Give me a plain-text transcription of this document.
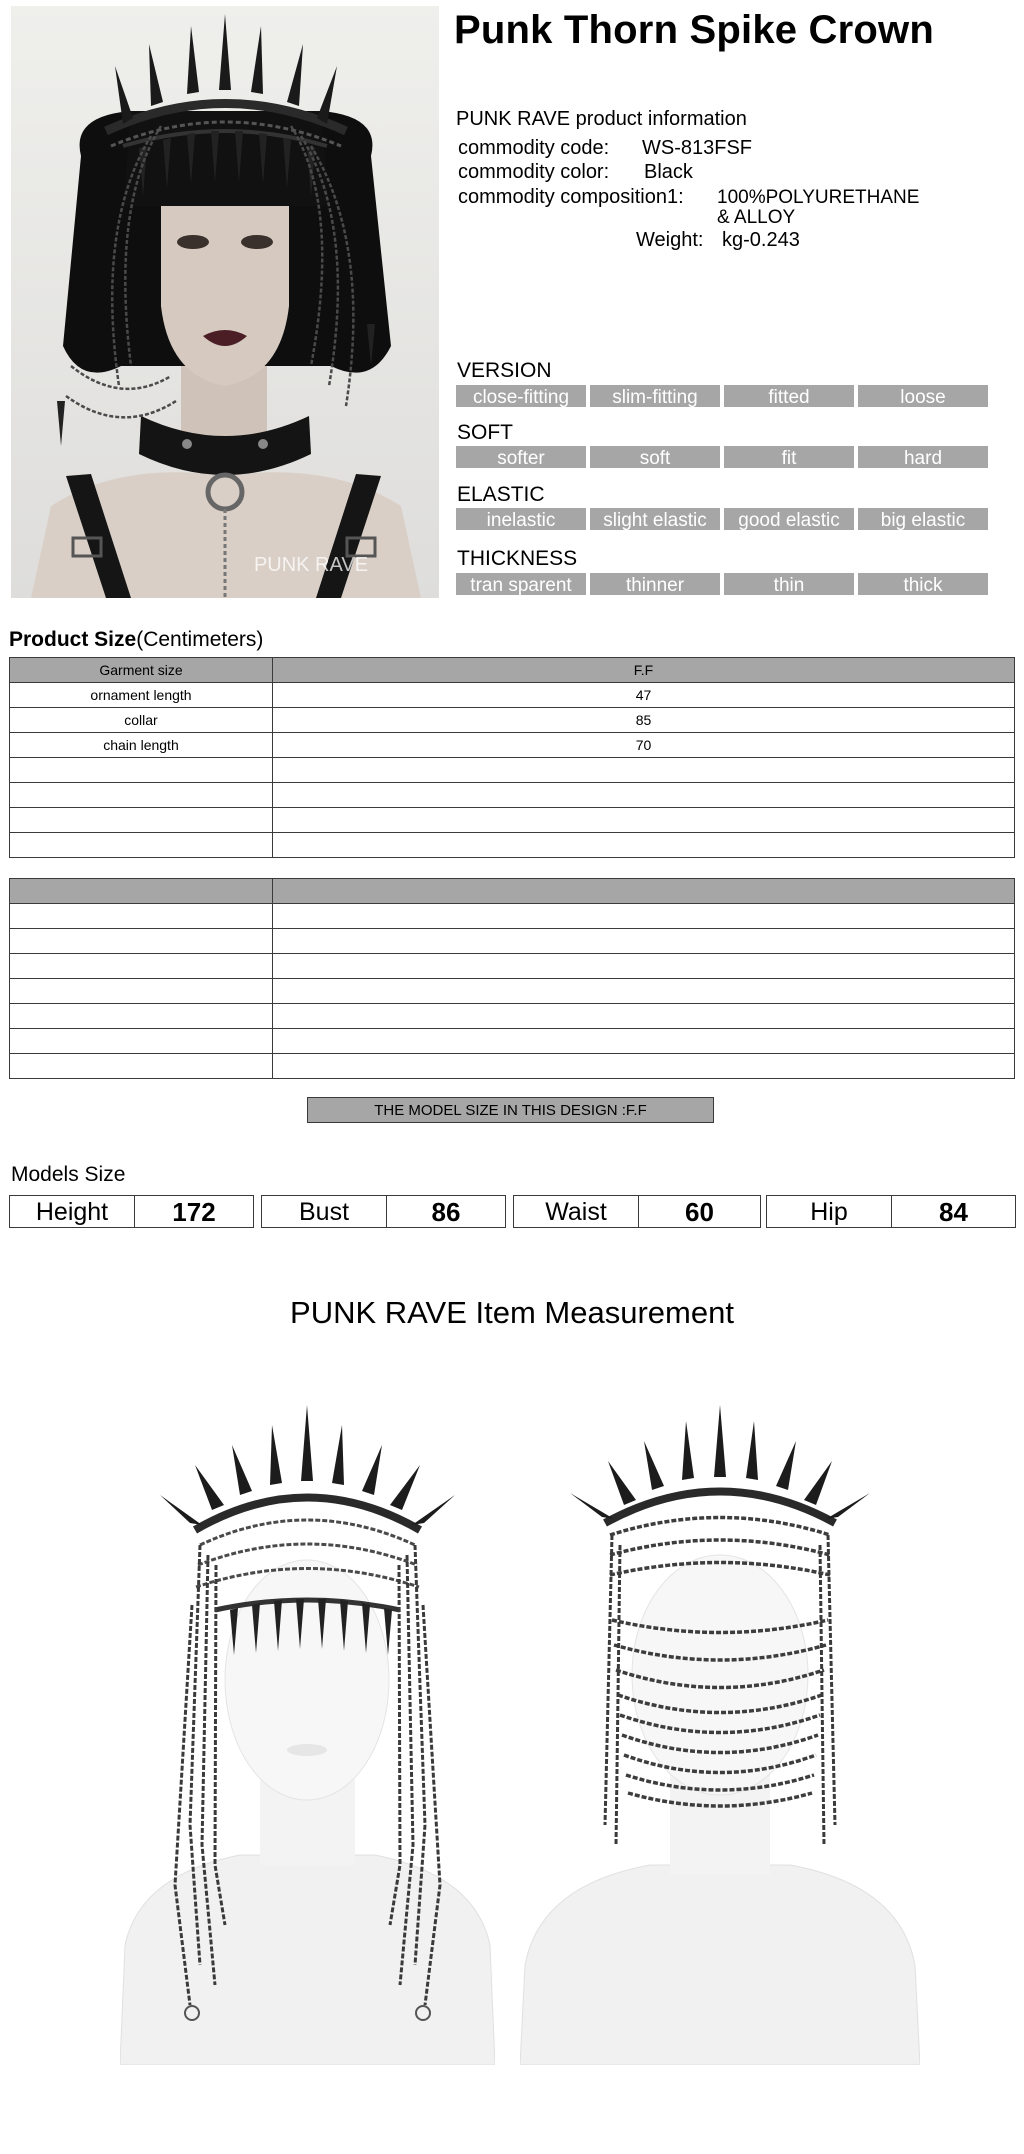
PUNK RAVE
Punk Thorn Spike Crown
PUNK RAVE product information
commodity code: WS-813FSF
commodity color: Black
commodity composition1: 100%POLYURETHANE
& ALLOY
Weight: kg-0.243
VERSION
close-fitting	slim-fitting	fitted	loose
SOFT
softer	soft	fit	hard
ELASTIC
inelastic	slight elastic	good elastic	big elastic
THICKNESS
tran sparent	thinner	thin	thick
Product Size(Centimeters)
Garment size	F.F
ornament length	47
collar	85
chain length	70

THE MODEL SIZE IN THIS DESIGN :F.F
Models Size
Height	172	Bust	86	Waist	60	Hip	84
PUNK RAVE Item Measurement
